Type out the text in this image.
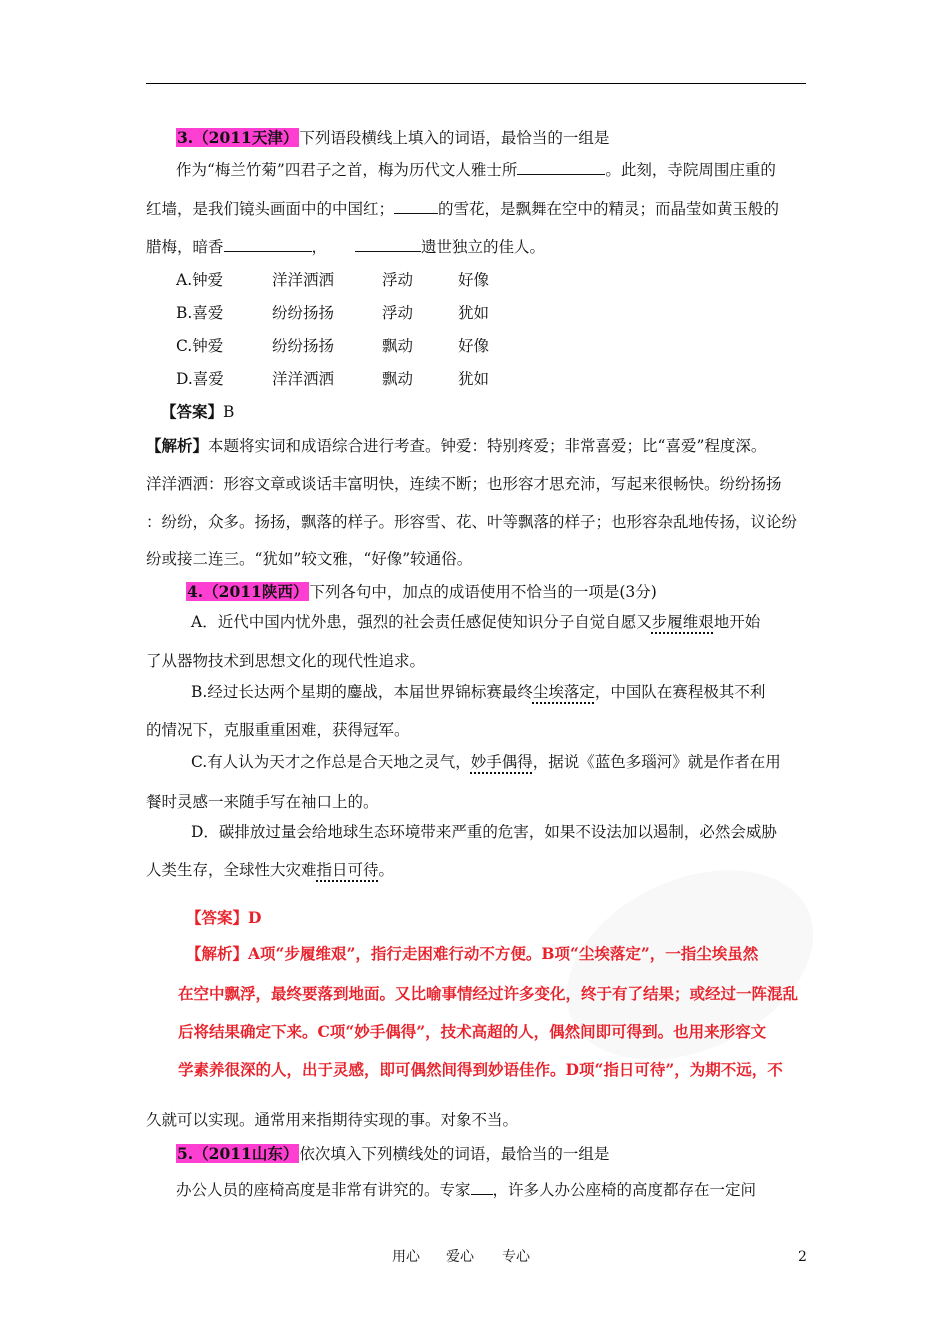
3.（2011天津）下列语段横线上填入的词语，最恰当的一组是
作为“梅兰竹菊”四君子之首，梅为历代文人雅士所	。此刻，寺院周围庄重的
红墙，是我们镜头画面中的中国红；	的雪花，是飘舞在空中的精灵；而晶莹如黄玉般的
腊梅，暗香	，	遗世独立的佳人。
A.钟爱	洋洋洒洒	浮动	好像
B.喜爱	纷纷扬扬	浮动	犹如
C.钟爱	纷纷扬扬	飘动	好像
D.喜爱	洋洋洒洒	飘动	犹如
【答案】B
【解析】本题将实词和成语综合进行考查。钟爱：特别疼爱；非常喜爱；比“喜爱”程度深。
洋洋洒洒：形容文章或谈话丰富明快，连续不断；也形容才思充沛，写起来很畅快。纷纷扬扬
：纷纷，众多。扬扬，飘落的样子。形容雪、花、叶等飘落的样子；也形容杂乱地传扬，议论纷
纷或接二连三。“犹如”较文雅，“好像”较通俗。
4.（2011陕西）下列各句中，加点的成语使用不恰当的一项是(3分)
A．近代中国内忧外患，强烈的社会责任感促使知识分子自觉自愿又步履维艰地开始
了从器物技术到思想文化的现代性追求。
B.经过长达两个星期的鏖战，本届世界锦标赛最终尘埃落定，中国队在赛程极其不利
的情况下，克服重重困难，获得冠军。
C.有人认为天才之作总是合天地之灵气，妙手偶得，据说《蓝色多瑙河》就是作者在用
餐时灵感一来随手写在袖口上的。
D．碳排放过量会给地球生态环境带来严重的危害，如果不设法加以遏制，必然会威胁
人类生存，全球性大灾难指日可待。
【答案】D
【解析】A项“步履维艰”，指行走困难行动不方便。B项“尘埃落定”，一指尘埃虽然
在空中飘浮，最终要落到地面。又比喻事情经过许多变化，终于有了结果；或经过一阵混乱
后将结果确定下来。C项“妙手偶得”，技术高超的人，偶然间即可得到。也用来形容文
学素养很深的人，出于灵感，即可偶然间得到妙语佳作。D项“指日可待”，为期不远，不
久就可以实现。通常用来指期待实现的事。对象不当。
5.（2011山东）依次填入下列横线处的词语，最恰当的一组是
办公人员的座椅高度是非常有讲究的。专家 ，许多人办公座椅的高度都存在一定问
用心 爱心 专心	2
